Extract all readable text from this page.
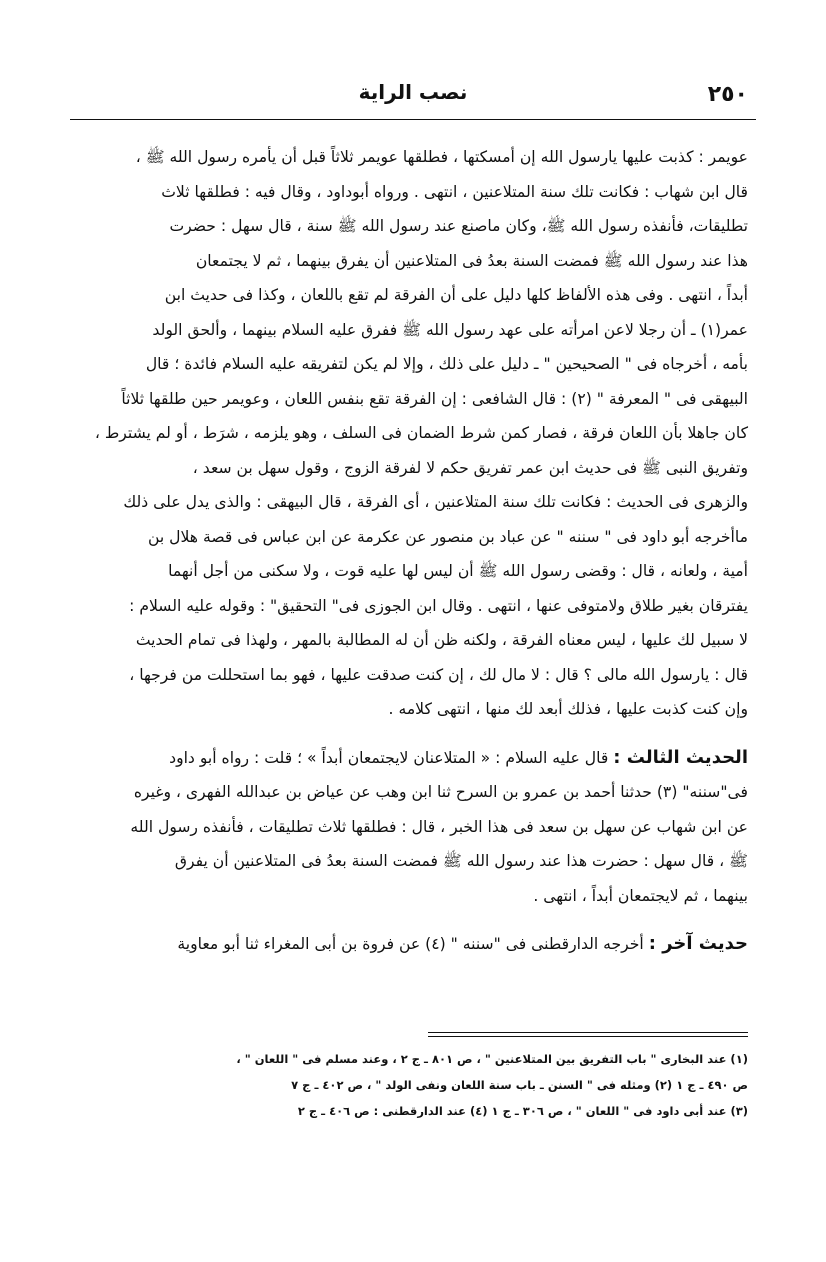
٢٥٠
نصب الراية

عويمر : كذبت عليها يارسول الله إن أمسكتها ، فطلقها عويمر ثلاثاً قبل أن يأمره رسول الله ﷺ ،

قال ابن شهاب : فكانت تلك سنة المتلاعنين ، انتهى . ورواه أبوداود ، وقال فيه : فطلقها ثلاث

تطليقات، فأنفذه رسول الله ﷺ، وكان ماصنع عند رسول الله ﷺ سنة ، قال سهل : حضرت

هذا عند رسول الله ﷺ فمضت السنة بعدُ فى المتلاعنين أن يفرق بينهما ، ثم لا يجتمعان

أبداً ، انتهى . وفى هذه الألفاظ كلها دليل على أن الفرقة لم تقع باللعان ، وكذا فى حديث ابن

عمر(١) ـ أن رجلا لاعن امرأته على عهد رسول الله ﷺ ففرق عليه السلام بينهما ، وألحق الولد

بأمه ، أخرجاه فى " الصحيحين " ـ دليل على ذلك ، وإلا لم يكن لتفريقه عليه السلام فائدة ؛ قال

البيهقى فى " المعرفة " (٢) : قال الشافعى : إن الفرقة تقع بنفس اللعان ، وعويمر حين طلقها ثلاثاً

كان جاهلا بأن اللعان فرقة ، فصار كمن شرط الضمان فى السلف ، وهو يلزمه ، شرَط ، أو لم يشترط ،

وتفريق النبى ﷺ فى حديث ابن عمر تفريق حكم لا لفرقة الزوج ، وقول سهل بن سعد ،

والزهرى فى الحديث : فكانت تلك سنة المتلاعنين ، أى الفرقة ، قال البيهقى : والذى يدل على ذلك

ماأخرجه أبو داود فى " سننه " عن عباد بن منصور عن عكرمة عن ابن عباس فى قصة هلال بن

أمية ، ولعانه ، قال : وقضى رسول الله ﷺ أن ليس لها عليه قوت ، ولا سكنى من أجل أنهما

يفترقان بغير طلاق ولامتوفى عنها ، انتهى . وقال ابن الجوزى فى" التحقيق" : وقوله عليه السلام :

لا سبيل لك عليها ، ليس معناه الفرقة ، ولكنه ظن أن له المطالبة بالمهر ، ولهذا فى تمام الحديث

قال : يارسول الله مالى ؟ قال : لا مال لك ، إن كنت صدقت عليها ، فهو بما استحللت من فرجها ،

وإن كنت كذبت عليها ، فذلك أبعد لك منها ، انتهى كلامه .

الحديث الثالث : قال عليه السلام : « المتلاعنان لايجتمعان أبداً » ؛ قلت : رواه أبو داود

فى"سننه" (٣) حدثنا أحمد بن عمرو بن السرح ثنا ابن وهب عن عياض بن عبدالله الفهرى ، وغيره

عن ابن شهاب عن سهل بن سعد فى هذا الخبر ، قال : فطلقها ثلاث تطليقات ، فأنفذه رسول الله

ﷺ ، قال سهل : حضرت هذا عند رسول الله ﷺ فمضت السنة بعدُ فى المتلاعنين أن يفرق

بينهما ، ثم لايجتمعان أبداً ، انتهى .

حديث آخر : أخرجه الدارقطنى فى "سننه " (٤) عن فروة بن أبى المغراء ثنا أبو معاوية

(١) عند البخارى " باب التفريق بين المتلاعنين " ، ص ٨٠١ ـ ج ٢ ، وعند مسلم فى " اللعان " ،

ص ٤٩٠ ـ ج ١ (٢) ومثله فى " السنن ـ باب سنة اللعان ونفى الولد " ، ص ٤٠٢ ـ ج ٧

(٣) عند أبى داود فى " اللعان " ، ص ٣٠٦ ـ ج ١ (٤) عند الدارقطنى : ص ٤٠٦ ـ ج ٢
